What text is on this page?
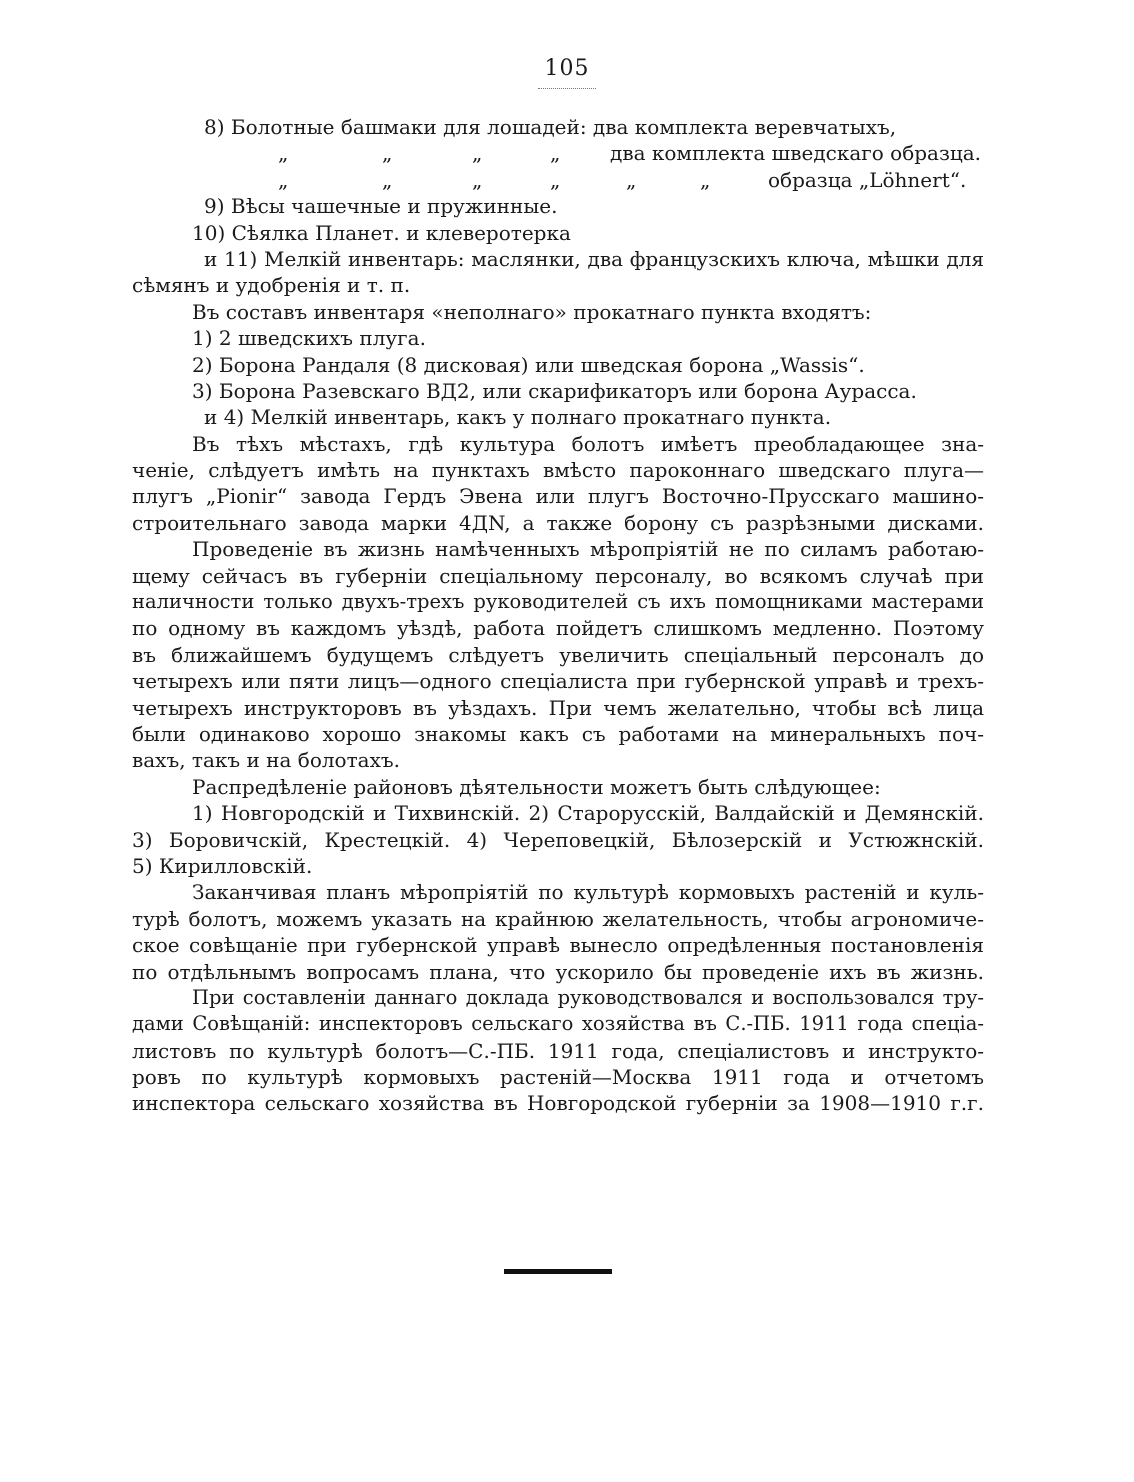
105
8) Болотные башмаки для лошадей: два комплекта веревчатыхъ,
„	„	„	„ два комплекта шведскаго образца.
„	„	„	„	„	„	образца „Löhnert“.
9) Вѣсы чашечные и пружинные.
10) Сѣялка Планет. и клеверотерка
и 11) Мелкій инвентарь: маслянки, два французскихъ ключа, мѣшки для
сѣмянъ и удобренія и т. п.
Въ составъ инвентаря «неполнаго» прокатнаго пункта входятъ:
1) 2 шведскихъ плуга.
2) Борона Рандаля (8 дисковая) или шведская борона „Wassis“.
3) Борона Разевскаго ВД2, или скарификаторъ или борона Аурасса.
и 4) Мелкій инвентарь, какъ у полнаго прокатнаго пункта.
Въ тѣхъ мѣстахъ, гдѣ культура болотъ имѣетъ преобладающее зна-
ченіе, слѣдуетъ имѣть на пунктахъ вмѣсто пароконнаго шведскаго плуга—
плугъ „Pionir“ завода Гердъ Эвена или плугъ Восточно-Прусскаго машино-
строительнаго завода марки 4ДN, а также борону съ разрѣзными дисками.
Проведеніе въ жизнь намѣченныхъ мѣропріятій не по силамъ работаю-
щему сейчасъ въ губерніи спеціальному персоналу, во всякомъ случаѣ при
наличности только двухъ-трехъ руководителей съ ихъ помощниками мастерами
по одному въ каждомъ уѣздѣ, работа пойдетъ слишкомъ медленно. Поэтому
въ ближайшемъ будущемъ слѣдуетъ увеличить спеціальный персоналъ до
четырехъ или пяти лицъ—одного спеціалиста при губернской управѣ и трехъ-
четырехъ инструкторовъ въ уѣздахъ. При чемъ желательно, чтобы всѣ лица
были одинаково хорошо знакомы какъ съ работами на минеральныхъ поч-
вахъ, такъ и на болотахъ.
Распредѣленіе районовъ дѣятельности можетъ быть слѣдующее:
1) Новгородскій и Тихвинскій. 2) Старорусскій, Валдайскій и Демянскій.
3) Боровичскій, Крестецкій. 4) Череповецкій, Бѣлозерскій и Устюжнскій.
5) Кирилловскій.
Заканчивая планъ мѣропріятій по культурѣ кормовыхъ растеній и куль-
турѣ болотъ, можемъ указать на крайнюю желательность, чтобы агрономиче-
ское совѣщаніе при губернской управѣ вынесло опредѣленныя постановленія
по отдѣльнымъ вопросамъ плана, что ускорило бы проведеніе ихъ въ жизнь.
При составленіи даннаго доклада руководствовался и воспользовался тру-
дами Совѣщаній: инспекторовъ сельскаго хозяйства въ С.-ПБ. 1911 года спеціа-
листовъ по культурѣ болотъ—С.-ПБ. 1911 года, спеціалистовъ и инструкто-
ровъ по культурѣ кормовыхъ растеній—Москва 1911 года и отчетомъ
инспектора сельскаго хозяйства въ Новгородской губерніи за 1908—1910 г.г.
